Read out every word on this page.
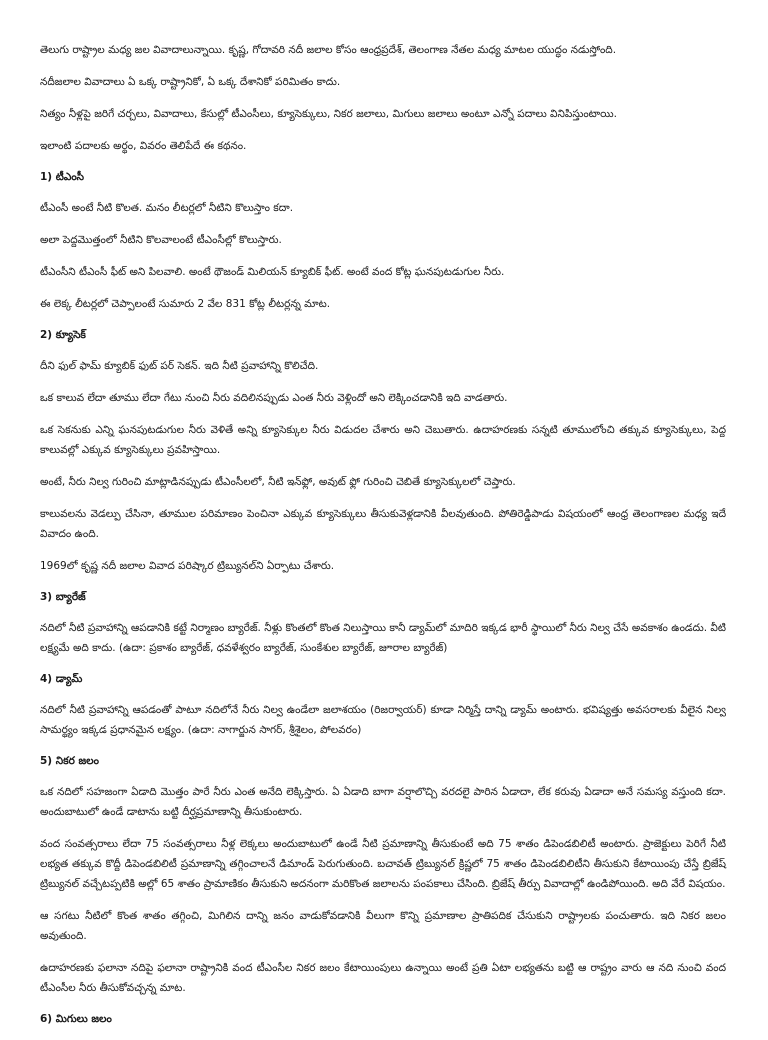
తెలుగు రాష్ట్రాల మధ్య జల వివాదాలున్నాయి. కృష్ణ, గోదావరి నదీ జలాల కోసం ఆంధ్రప్రదేశ్, తెలంగాణ నేతల మధ్య మాటల యుద్ధం నడుస్తోంది.

నదీజలాల వివాదాలు ఏ ఒక్క రాష్ట్రానికో, ఏ ఒక్క దేశానికో పరిమితం కాదు.

నిత్యం నీళ్లపై జరిగే చర్చలు, వివాదాలు, కేసుల్లో టీఎంసీలు, క్యూసెక్కులు, నికర జలాలు, మిగులు జలాలు అంటూ ఎన్నో పదాలు వినిపిస్తుంటాయి.

ఇలాంటి పదాలకు అర్థం, వివరం తెలిపేదే ఈ కథనం.

1) టీఎంసీ

టీఎంసీ అంటే నీటి కొలత. మనం లీటర్లలో నీటిని కొలుస్తాం కదా.

అలా పెద్దమొత్తంలో నీటిని కొలవాలంటే టీఎంసీల్లో కొలుస్తారు.

టీఎంసీని టీఎంసీ ఫీట్ అని పిలవాలి. అంటే థౌజండ్ మిలియన్ క్యూబిక్ ఫీట్. అంటే వంద కోట్ల ఘనపుటడుగుల నీరు.

ఈ లెక్క లీటర్లలో చెప్పాలంటే సుమారు 2 వేల 831 కోట్ల లీటర్లన్న మాట.

2) క్యూసెక్

దీని ఫుల్ ఫామ్ క్యూబిక్ ఫుట్ పర్ సెకన్. ఇది నీటి ప్రవాహాన్ని కొలిచేది.

ఒక కాలువ లేదా తూము లేదా గేటు నుంచి నీరు వదిలినప్పుడు ఎంత నీరు వెళ్లిందో అని లెక్కించడానికి ఇది వాడతారు.

ఒక సెకనుకు ఎన్ని ఘనపుటడుగుల నీరు వెళితే అన్ని క్యూసెక్కుల నీరు విడుదల చేశారు అని చెబుతారు. ఉదాహరణకు సన్నటి తూములోంచి తక్కువ క్యూసెక్కులు, పెద్ద కాలువల్లో ఎక్కువ క్యూసెక్కులు ప్రవహిస్తాయి.

అంటే, నీరు నిల్వ గురించి మాట్లాడినప్పుడు టీఎంసీలలో, నీటి ఇన్‌ఫ్లో, అవుట్ ఫ్లో గురించి చెబితే క్యూసెక్కులలో చెప్తారు.

కాలువలను వెడల్పు చేసినా, తూముల పరిమాణం పెంచినా ఎక్కువ క్యూసెక్కులు తీసుకువెళ్లడానికి వీలవుతుంది. పోతిరెడ్డిపాడు విషయంలో ఆంధ్ర తెలంగాణల మధ్య ఇదే వివాదం ఉంది.

1969లో కృష్ణ నదీ జలాల వివాద పరిష్కార ట్రిబ్యునల్‌ని ఏర్పాటు చేశారు.

3) బ్యారేజ్

నదిలో నీటి ప్రవాహాన్ని ఆపడానికి కట్టే నిర్మాణం బ్యారేజ్. నీళ్లు కొంతలో కొంత నిలుస్తాయి కానీ డ్యామ్‌లో మాదిరి ఇక్కడ భారీ స్థాయిలో నీరు నిల్వ చేసే అవకాశం ఉండదు. వీటి లక్ష్యమే అది కాదు. (ఉదా: ప్రకాశం బ్యారేజ్, ధవళేశ్వరం బ్యారేజ్, సుంకేశుల బ్యారేజ్, జూరాల బ్యారేజ్)

4) డ్యామ్

నదిలో నీటి ప్రవాహాన్ని ఆపడంతో పాటూ నదిలోనే నీరు నిల్వ ఉండేలా జలాశయం (రిజర్వాయర్) కూడా నిర్మిస్తే దాన్ని డ్యామ్ అంటారు. భవిష్యత్తు అవసరాలకు వీలైన నిల్వ సామర్థ్యం ఇక్కడ ప్రధానమైన లక్ష్యం. (ఉదా: నాగార్జున సాగర్, శ్రీశైలం, పోలవరం)

5) నికర జలం

ఒక నదిలో సహజంగా ఏడాది మొత్తం పారే నీరు ఎంత అనేది లెక్కిస్తారు. ఏ ఏడాది బాగా వర్షాలొచ్చి వరదలై పారిన ఏడాదా, లేక కరువు ఏడాదా అనే సమస్య వస్తుంది కదా. అందుబాటులో ఉండే డాటాను బట్టి దీర్ఘప్రమాణాన్ని తీసుకుంటారు.

వంద సంవత్సరాలు లేదా 75 సంవత్సరాలు నీళ్ల లెక్కలు అందుబాటులో ఉండే నీటి ప్రమాణాన్ని తీసుకుంటే అది 75 శాతం డిపెండబిలిటీ అంటారు. ప్రాజెక్టులు పెరిగే నీటి లభ్యత తక్కువ కొద్దీ డిపెండబిలిటీ ప్రమాణాన్ని తగ్గించాలనే డిమాండ్ పెరుగుతుంది. బచావత్ ట్రిబ్యునల్ క్రిష్ణలో 75 శాతం డిపెండబిలిటీని తీసుకుని కేటాయింపు చేస్తే బ్రిజేష్ ట్రిబ్యునల్ వచ్చేటప్పటికి అల్లో 65 శాతం ప్రామాణికం తీసుకుని అదనంగా మరికొంత జలాలను పంపకాలు చేసింది. బ్రిజేష్ తీర్పు వివాదాల్లో ఉండిపోయింది. అది వేరే విషయం.

ఆ సగటు నీటిలో కొంత శాతం తగ్గించి, మిగిలిన దాన్ని జనం వాడుకోవడానికి వీలుగా కొన్ని ప్రమాణాల ప్రాతిపదిక చేసుకుని రాష్ట్రాలకు పంచుతారు. ఇది నికర జలం అవుతుంది.

ఉదాహరణకు ఫలానా నదిపై ఫలానా రాష్ట్రానికి వంద టీఎంసీల నికర జలం కేటాయింపులు ఉన్నాయి అంటే ప్రతి ఏటా లభ్యతను బట్టి ఆ రాష్ట్రం వారు ఆ నది నుంచి వంద టీఎంసీల నీరు తీసుకోవచ్చన్న మాట.

6) మిగులు జలం
